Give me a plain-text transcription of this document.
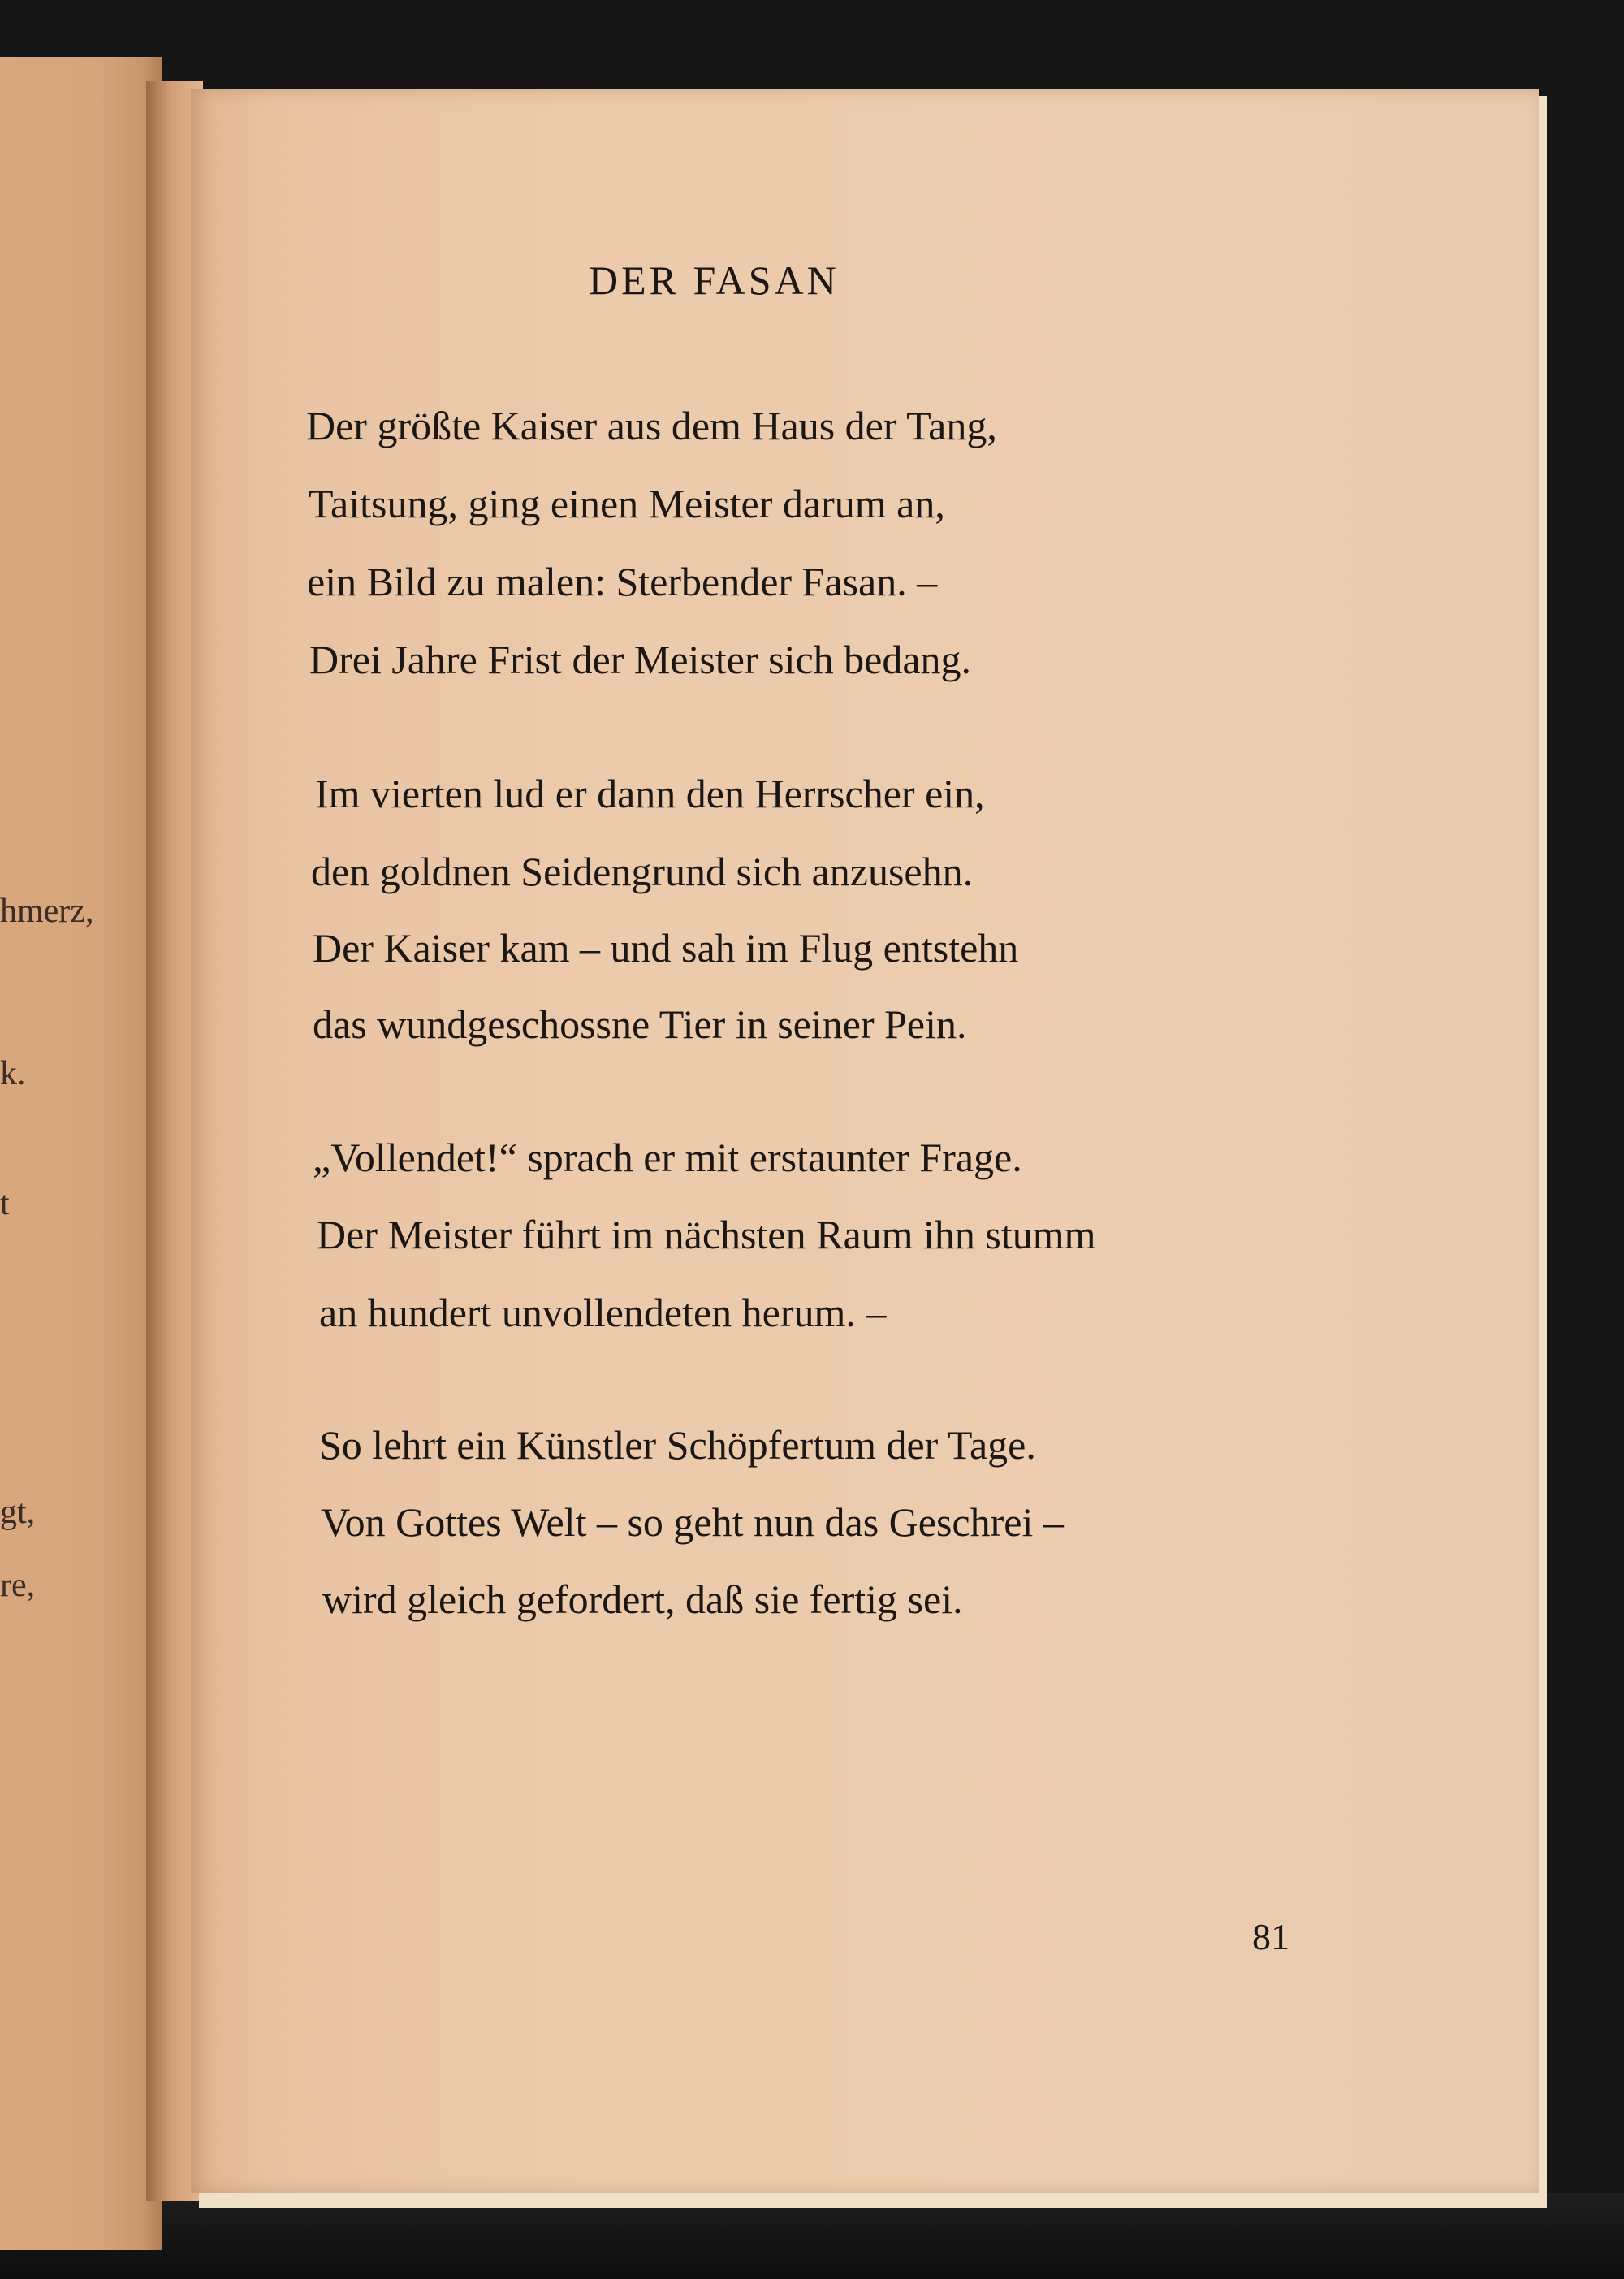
hmerz,
k.
t
gt,
re,
DER FASAN
Der größte Kaiser aus dem Haus der Tang,
Taitsung, ging einen Meister darum an,
ein Bild zu malen: Sterbender Fasan. –
Drei Jahre Frist der Meister sich bedang.
Im vierten lud er dann den Herrscher ein,
den goldnen Seidengrund sich anzusehn.
Der Kaiser kam – und sah im Flug entstehn
das wundgeschossne Tier in seiner Pein.
„Vollendet!“ sprach er mit erstaunter Frage.
Der Meister führt im nächsten Raum ihn stumm
an hundert unvollendeten herum. –
So lehrt ein Künstler Schöpfertum der Tage.
Von Gottes Welt – so geht nun das Geschrei –
wird gleich gefordert, daß sie fertig sei.
81
